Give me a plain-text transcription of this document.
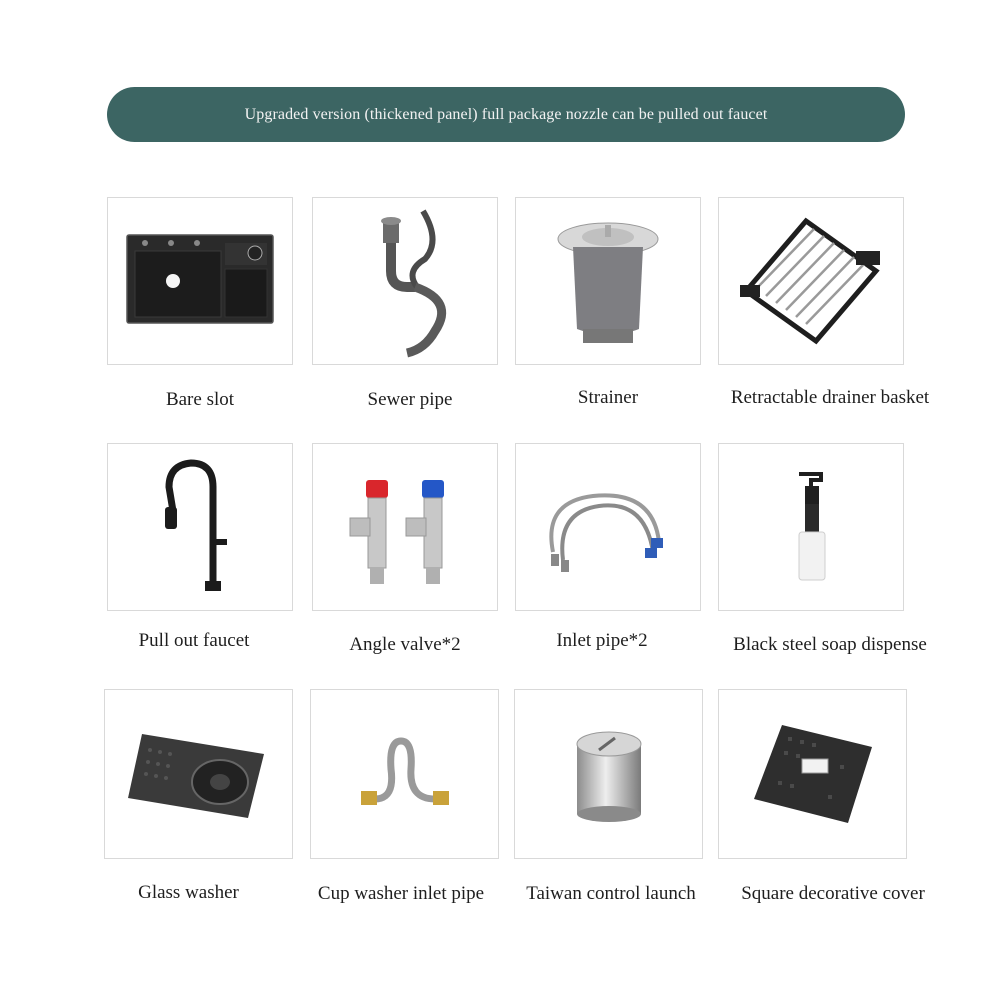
Upgraded version (thickened panel) full package nozzle can be pulled out faucet
Bare slot	Sewer pipe	Strainer	Retractable drainer basket
Pull out faucet	Angle valve*2	Inlet pipe*2	Black steel soap dispense
Glass washer	Cup washer inlet pipe	Taiwan control launch	Square decorative cover
